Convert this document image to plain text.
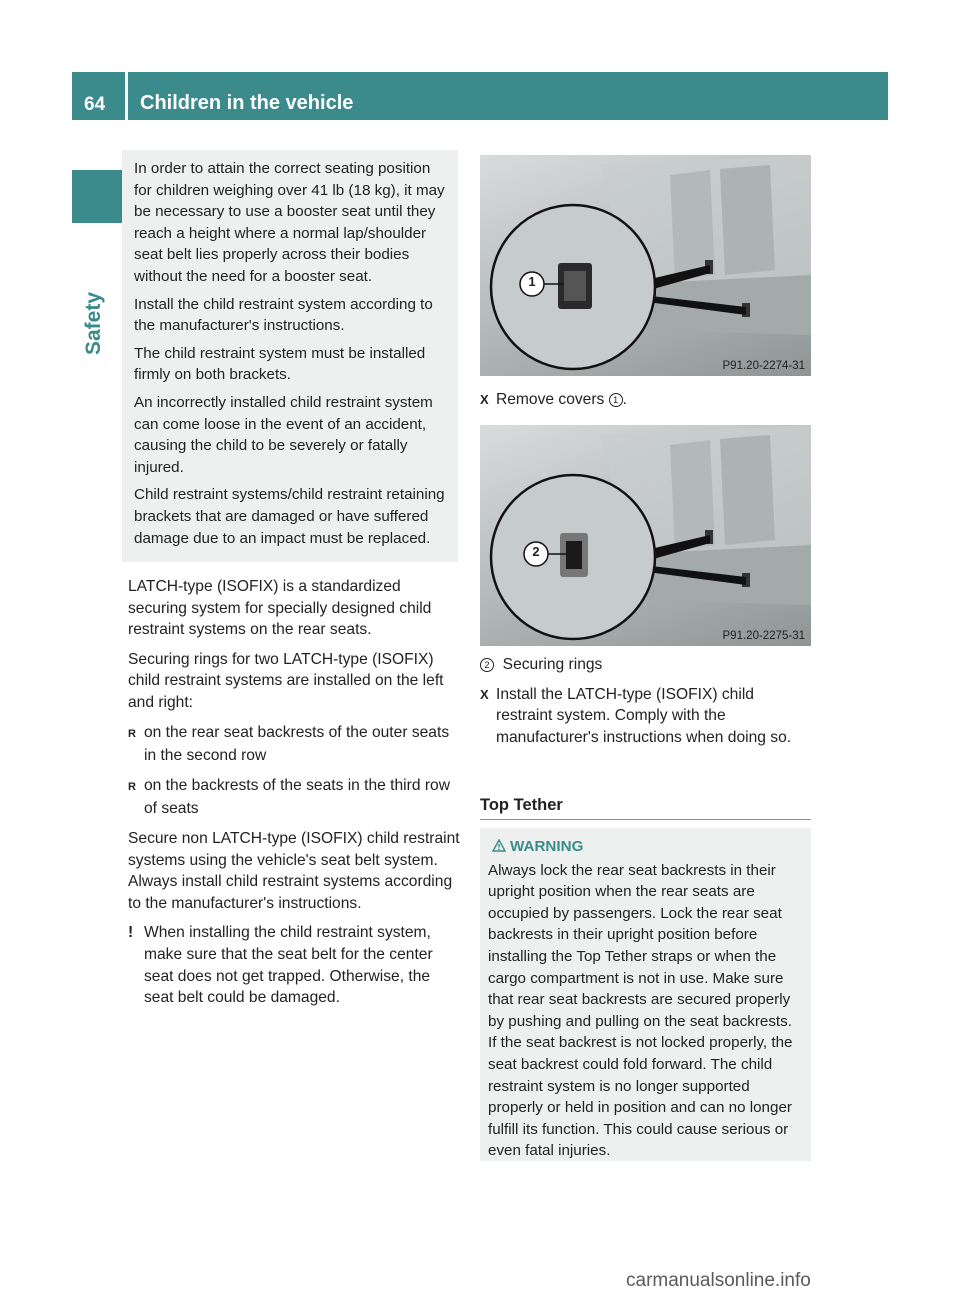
64	Children in the vehicle
Safety

In order to attain the correct seating position for children weighing over 41 lb (18 kg), it may be necessary to use a booster seat until they reach a height where a normal lap/shoulder seat belt lies properly across their bodies without the need for a booster seat.

Install the child restraint system according to the manufacturer's instructions.

The child restraint system must be installed firmly on both brackets.

An incorrectly installed child restraint system can come loose in the event of an accident, causing the child to be severely or fatally injured.

Child restraint systems/child restraint retaining brackets that are damaged or have suffered damage due to an impact must be replaced.

LATCH-type (ISOFIX) is a standardized securing system for specially designed child restraint systems on the rear seats.

Securing rings for two LATCH-type (ISOFIX) child restraint systems are installed on the left and right:

R on the rear seat backrests of the outer seats in the second row

R on the backrests of the seats in the third row of seats

Secure non LATCH-type (ISOFIX) child restraint systems using the vehicle's seat belt system. Always install child restraint systems according to the manufacturer's instructions.

! When installing the child restraint system, make sure that the seat belt for the center seat does not get trapped. Otherwise, the seat belt could be damaged.

1
P91.20-2274-31

X Remove covers 1 .

2
P91.20-2275-31

2 Securing rings

X Install the LATCH-type (ISOFIX) child restraint system. Comply with the manufacturer's instructions when doing so.

Top Tether
WARNING
Always lock the rear seat backrests in their upright position when the rear seats are occupied by passengers. Lock the rear seat backrests in their upright position before installing the Top Tether straps or when the cargo compartment is not in use. Make sure that rear seat backrests are secured properly by pushing and pulling on the seat backrests. If the seat backrest is not locked properly, the seat backrest could fold forward. The child restraint system is no longer supported properly or held in position and can no longer fulfill its function. This could cause serious or even fatal injuries.
carmanualsonline.info
